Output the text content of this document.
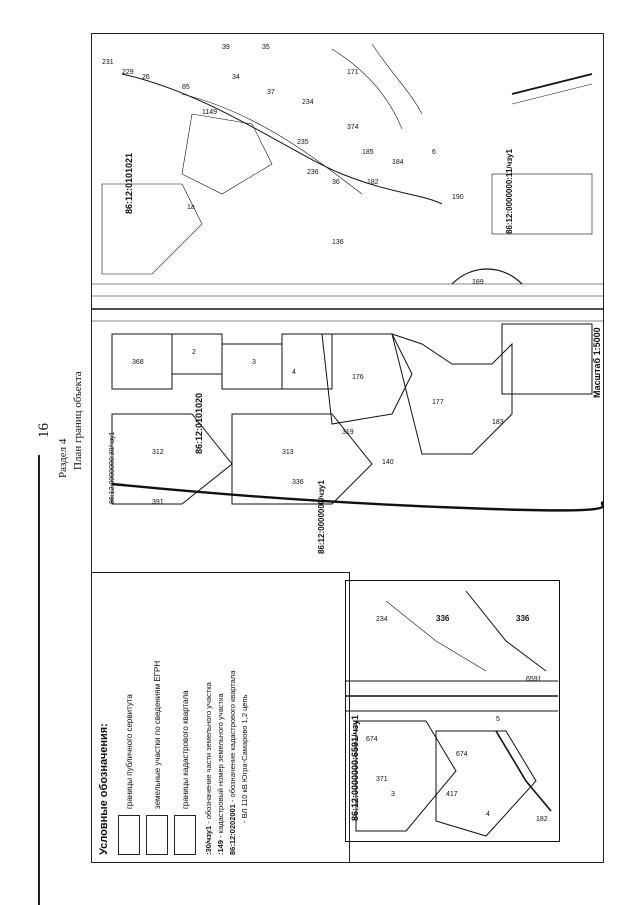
16
Раздел 4 План границ объекта
231
229
26
85
1149
34
39	35
37
234
235
236
36
171
374
185
182
184
6
190
368
2
3
4
176
177
183
136
312	313
336
391
319
140
189
1a
86:12:0101021
86:12:0101020
86:12:0000000:30/чзу1
86:12:0000000/чзу1
86:12:0000000:11/чзу1
Масштаб 1:5000
234	336	336
674
674
371
3	417
4
182
6591
5
86:12:0000000:6591/чзу1
Условные обозначения: границы публичного сервитута земельные участки по сведениям ЕГРН границы кадастрового квартала
:30/чзу1 - обозначение части земельного участка
:149 - кадастровый номер земельного участка 86:12:0202001 - обозначение кадастрового квартала - ВЛ 110 кВ Югра-Самарово 1,2 цепь
